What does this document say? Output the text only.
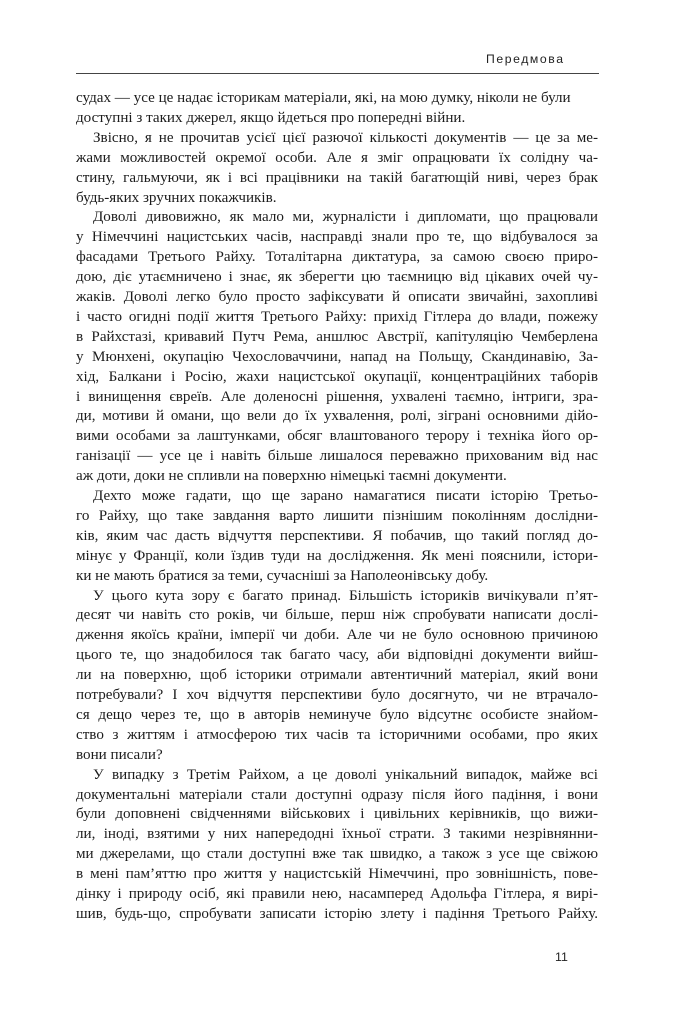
Передмова
судах — усе це надає історикам матеріали, які, на мою думку, ніколи не були
доступні з таких джерел, якщо йдеться про попередні війни.
Звісно, я не прочитав усієї цієї разючої кількості документів — це за ме-
жами можливостей окремої особи. Але я зміг опрацювати їх солідну ча-
стину, гальмуючи, як і всі працівники на такій багатющій ниві, через брак
будь-яких зручних покажчиків.
Доволі дивовижно, як мало ми, журналісти і дипломати, що працювали
у Німеччині нацистських часів, насправді знали про те, що відбувалося за
фасадами Третього Райху. Тоталітарна диктатура, за самою своєю приро-
дою, діє утаємничено і знає, як зберегти цю таємницю від цікавих очей чу-
жаків. Доволі легко було просто зафіксувати й описати звичайні, захопливі
і часто огидні події життя Третього Райху: прихід Гітлера до влади, пожежу
в Райхстазі, кривавий Путч Рема, аншлюс Австрії, капітуляцію Чемберлена
у Мюнхені, окупацію Чехословаччини, напад на Польщу, Скандинавію, За-
хід, Балкани і Росію, жахи нацистської окупації, концентраційних таборів
і винищення євреїв. Але доленосні рішення, ухвалені таємно, інтриги, зра-
ди, мотиви й омани, що вели до їх ухвалення, ролі, зіграні основними дійо-
вими особами за лаштунками, обсяг влаштованого терору і техніка його ор-
ганізації — усе це і навіть більше лишалося переважно прихованим від нас
аж доти, доки не спливли на поверхню німецькі таємні документи.
Дехто може гадати, що ще зарано намагатися писати історію Третьо-
го Райху, що таке завдання варто лишити пізнішим поколінням дослідни-
ків, яким час дасть відчуття перспективи. Я побачив, що такий погляд до-
мінує у Франції, коли їздив туди на дослідження. Як мені пояснили, істори-
ки не мають братися за теми, сучасніші за Наполеонівську добу.
У цього кута зору є багато принад. Більшість істориків вичікували п’ят-
десят чи навіть сто років, чи більше, перш ніж спробувати написати дослі-
дження якоїсь країни, імперії чи доби. Але чи не було основною причиною
цього те, що знадобилося так багато часу, аби відповідні документи вийш-
ли на поверхню, щоб історики отримали автентичний матеріал, який вони
потребували? І хоч відчуття перспективи було досягнуто, чи не втрачало-
ся дещо через те, що в авторів неминуче було відсутнє особисте знайом-
ство з життям і атмосферою тих часів та історичними особами, про яких
вони писали?
У випадку з Третім Райхом, а це доволі унікальний випадок, майже всі
документальні матеріали стали доступні одразу після його падіння, і вони
були доповнені свідченнями військових і цивільних керівників, що вижи-
ли, іноді, взятими у них напередодні їхньої страти. З такими незрівнянни-
ми джерелами, що стали доступні вже так швидко, а також з усе ще свіжою
в мені пам’яттю про життя у нацистській Німеччині, про зовнішність, пове-
дінку і природу осіб, які правили нею, насамперед Адольфа Гітлера, я вирі-
шив, будь-що, спробувати записати історію злету і падіння Третього Райху.
11
